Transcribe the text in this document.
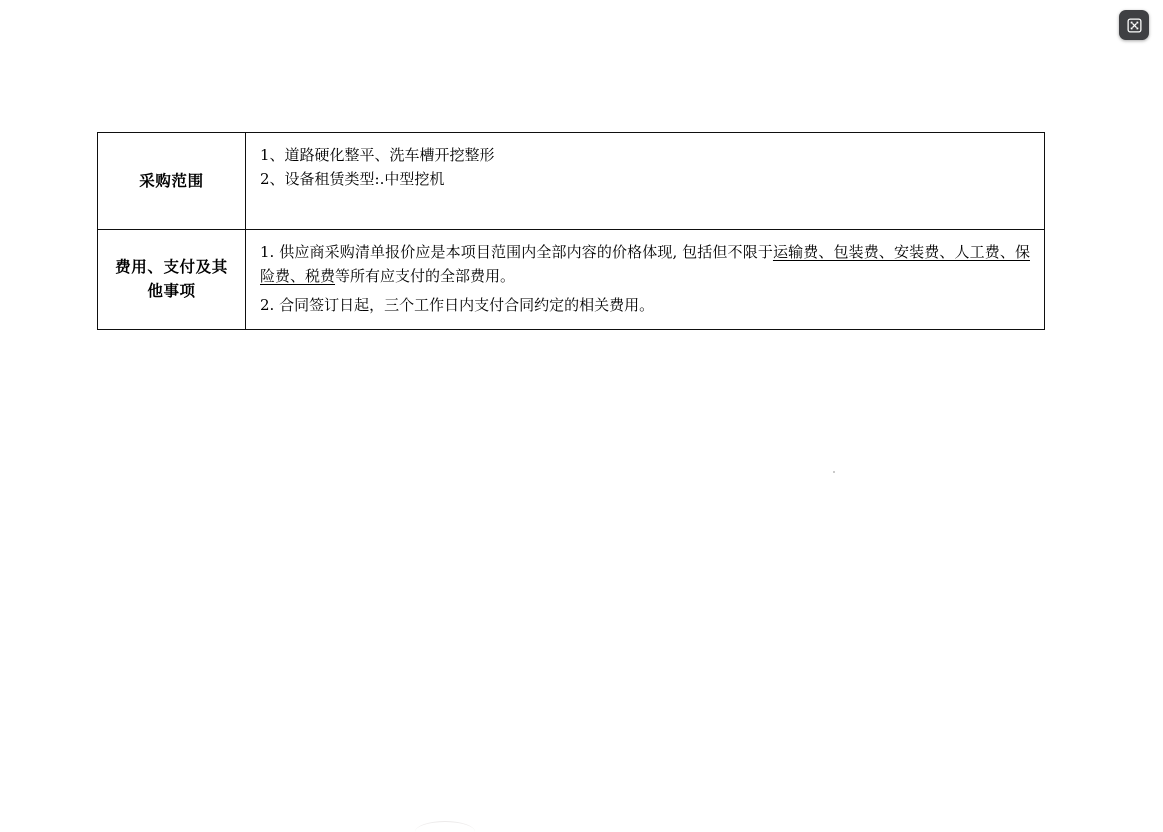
采购范围	1、道路硬化整平、洗车槽开挖整形
2、设备租赁类型:.中型挖机

费用、支付及其他事项	1. 供应商采购清单报价应是本项目范围内全部内容的价格体现, 包括但不限于运输费、包装费、安装费、人工费、保险费、税费等所有应支付的全部费用。

2. 合同签订日起，三个工作日内支付合同约定的相关费用。
